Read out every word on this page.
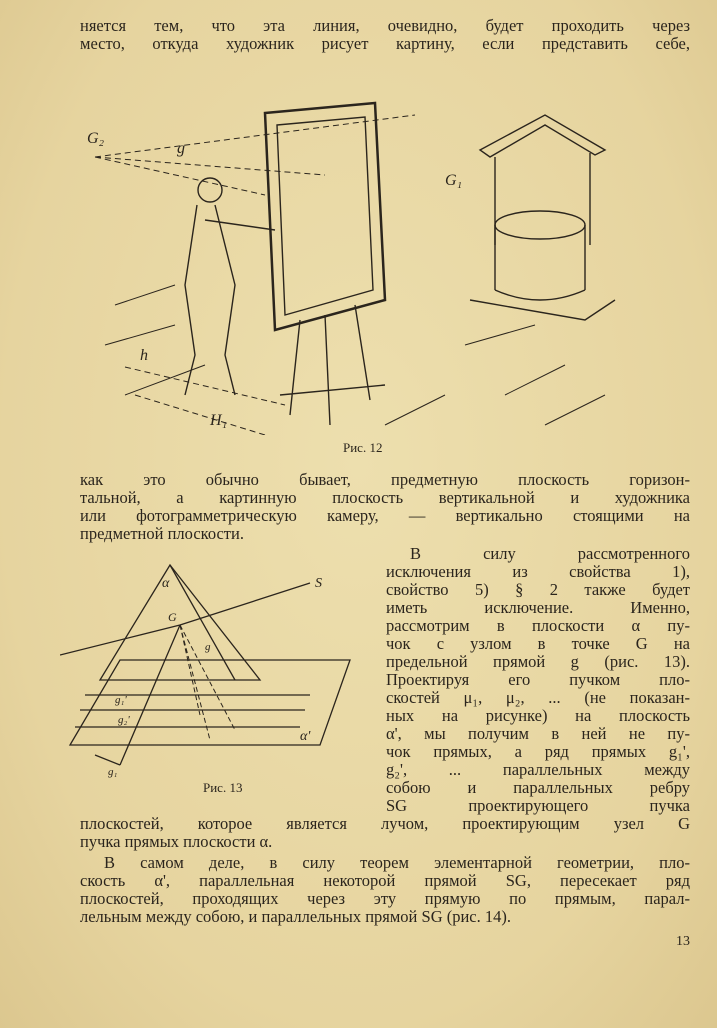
няется тем, что эта линия, очевидно, будет проходить через
место, откуда художник рисует картину, если представить себе,
G₂
g
G₁
h
H₁
Рис. 12
как это обычно бывает, предметную плоскость горизон-
тальной, а картинную плоскость вертикальной и художника
или фотограмметрическую камеру, — вертикально стоящими на
предметной плоскости.
α	S
G
g
g₁'
g₂'
g₁
α'
Рис. 13
В силу рассмотренного
исключения из свойства 1),
свойство 5) § 2 также будет
иметь исключение. Именно,
рассмотрим в плоскости α пу-
чок с узлом в точке G на
предельной прямой g (рис. 13).
Проектируя его пучком пло-
скостей μ₁, μ₂, ... (не показан-
ных на рисунке) на плоскость
α', мы получим в ней не пу-
чок прямых, а ряд прямых g₁',
g₂', ... параллельных между
собою и параллельных ребру
SG проектирующего пучка
плоскостей, которое является лучом, проектирующим узел G
пучка прямых плоскости α.
В самом деле, в силу теорем элементарной геометрии, пло-
скость α', параллельная некоторой прямой SG, пересекает ряд
плоскостей, проходящих через эту прямую по прямым, парал-
лельным между собою, и параллельных прямой SG (рис. 14).
13
